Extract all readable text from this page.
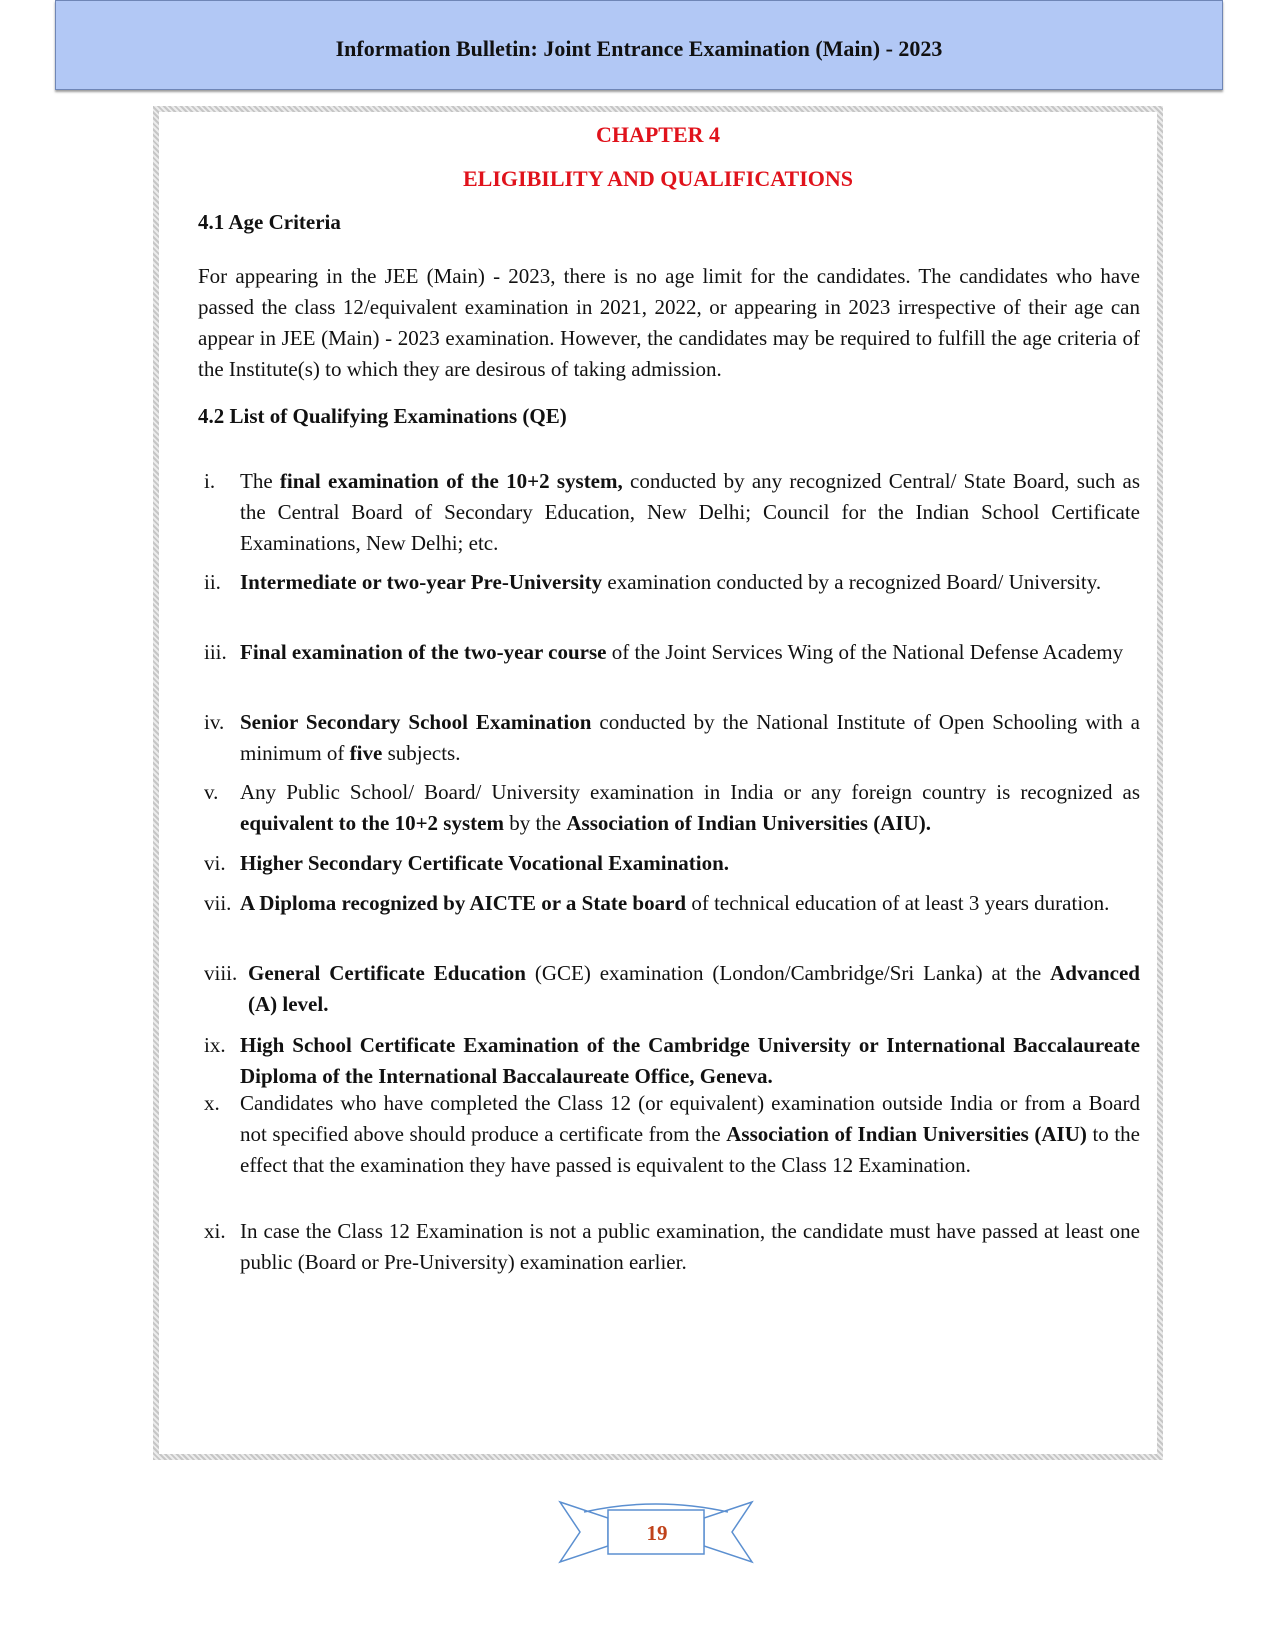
Information Bulletin: Joint Entrance Examination (Main) - 2023
CHAPTER 4
ELIGIBILITY AND QUALIFICATIONS
4.1 Age Criteria
For appearing in the JEE (Main) - 2023, there is no age limit for the candidates. The candidates who have passed the class 12/equivalent examination in 2021, 2022, or appearing in 2023 irrespective of their age can appear in JEE (Main) - 2023 examination. However, the candidates may be required to fulfill the age criteria of the Institute(s) to which they are desirous of taking admission.
4.2 List of Qualifying Examinations (QE)
i.	The final examination of the 10+2 system, conducted by any recognized Central/ State Board, such as the Central Board of Secondary Education, New Delhi; Council for the Indian School Certificate Examinations, New Delhi; etc.
ii. Intermediate or two-year Pre-University examination conducted by a recognized Board/ University.
iii. Final examination of the two-year course of the Joint Services Wing of the National Defense Academy
iv. Senior Secondary School Examination conducted by the National Institute of Open Schooling with a minimum of five subjects.
v.	Any Public School/ Board/ University examination in India or any foreign country is recognized as equivalent to the 10+2 system by the Association of Indian Universities (AIU).
vi. Higher Secondary Certificate Vocational Examination.
vii. A Diploma recognized by AICTE or a State board of technical education of at least 3 years duration.
viii. General Certificate Education (GCE) examination (London/Cambridge/Sri Lanka) at the Advanced (A) level.
ix. High School Certificate Examination of the Cambridge University or International Baccalaureate Diploma of the International Baccalaureate Office, Geneva.
x. Candidates who have completed the Class 12 (or equivalent) examination outside India or from a Board not specified above should produce a certificate from the Association of Indian Universities (AIU) to the effect that the examination they have passed is equivalent to the Class 12 Examination.
xi. In case the Class 12 Examination is not a public examination, the candidate must have passed at least one public (Board or Pre-University) examination earlier.
19
